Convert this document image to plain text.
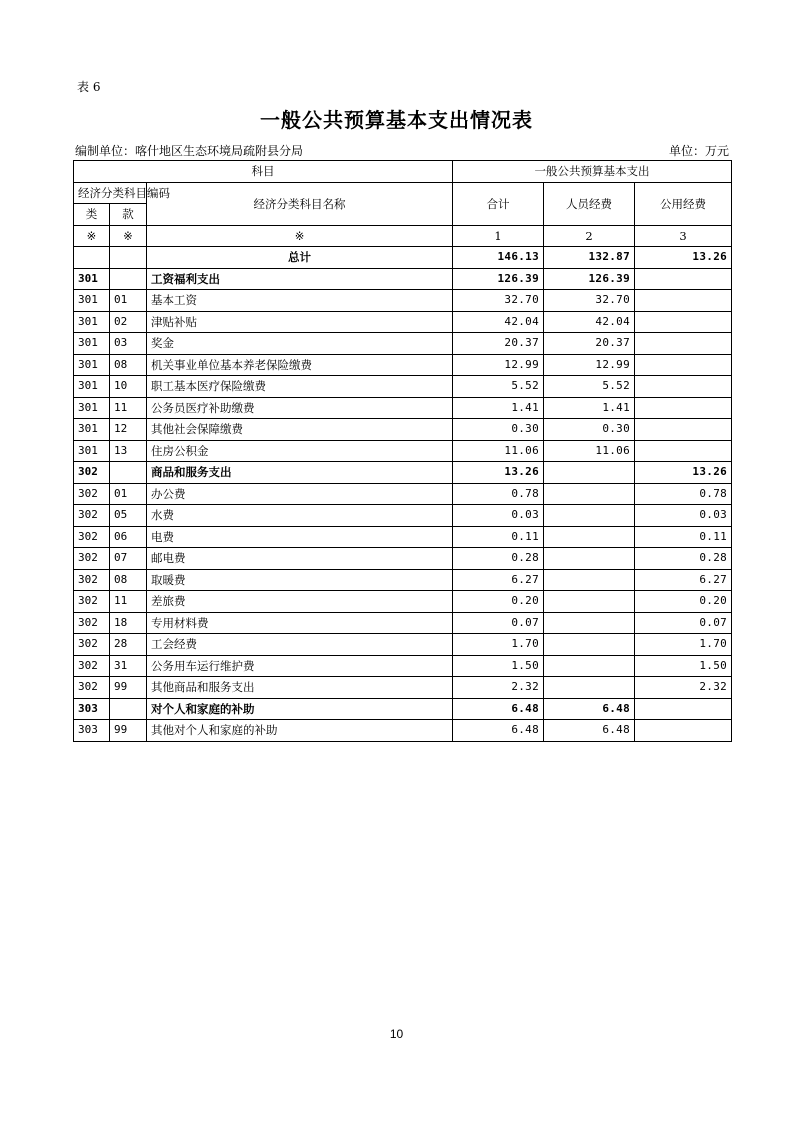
表 6
一般公共预算基本支出情况表
编制单位：喀什地区生态环境局疏附县分局	单位：万元
科目			一般公共预算基本支出		
经济分类科目编码		经济分类科目名称	合计	人员经费	公用经费
类	款				
※	※	※	1	2	3
		总计	146.13	132.87	13.26
301		工资福利支出	126.39	126.39	
301	01	基本工资	32.70	32.70	
301	02	津贴补贴	42.04	42.04	
301	03	奖金	20.37	20.37	
301	08	机关事业单位基本养老保险缴费	12.99	12.99	
301	10	职工基本医疗保险缴费	5.52	5.52	
301	11	公务员医疗补助缴费	1.41	1.41	
301	12	其他社会保障缴费	0.30	0.30	
301	13	住房公积金	11.06	11.06	
302		商品和服务支出	13.26		13.26
302	01	办公费	0.78		0.78
302	05	水费	0.03		0.03
302	06	电费	0.11		0.11
302	07	邮电费	0.28		0.28
302	08	取暖费	6.27		6.27
302	11	差旅费	0.20		0.20
302	18	专用材料费	0.07		0.07
302	28	工会经费	1.70		1.70
302	31	公务用车运行维护费	1.50		1.50
302	99	其他商品和服务支出	2.32		2.32
303		对个人和家庭的补助	6.48	6.48	
303	99	其他对个人和家庭的补助	6.48	6.48	
10
